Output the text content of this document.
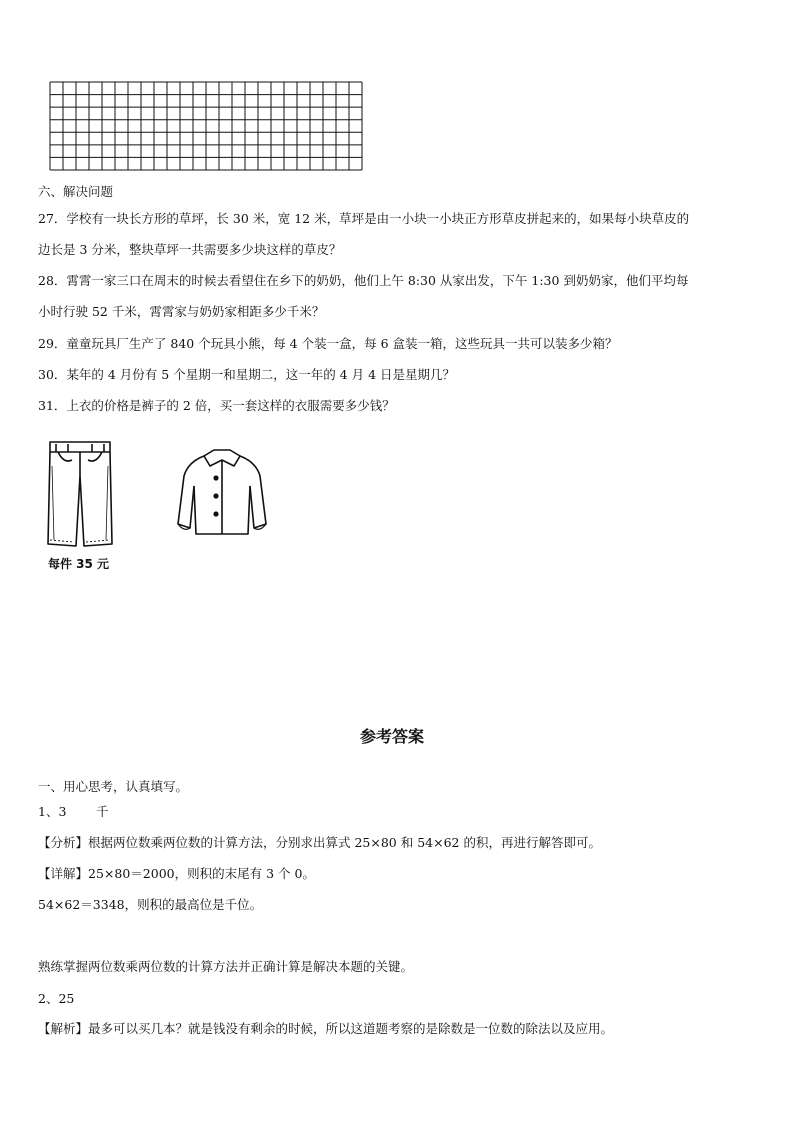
六、解决问题
27．学校有一块长方形的草坪，长 30 米，宽 12 米，草坪是由一小块一小块正方形草皮拼起来的，如果每小块草皮的
边长是 3 分米，整块草坪一共需要多少块这样的草皮？
28．霄霄一家三口在周末的时候去看望住在乡下的奶奶，他们上午 8:30 从家出发，下午 1:30 到奶奶家，他们平均每
小时行驶 52 千米，霄霄家与奶奶家相距多少千米？
29．童童玩具厂生产了 840 个玩具小熊，每 4 个装一盒，每 6 盒装一箱，这些玩具一共可以装多少箱？
30．某年的 4 月份有 5 个星期一和星期二，这一年的 4 月 4 日是星期几？
31．上衣的价格是裤子的 2 倍，买一套这样的衣服需要多少钱？
每件 35 元
参考答案
一、用心思考，认真填写。
1、3 千
【分析】根据两位数乘两位数的计算方法，分别求出算式 25×80 和 54×62 的积，再进行解答即可。
【详解】25×80＝2000，则积的末尾有 3 个 0。
54×62＝3348，则积的最高位是千位。
熟练掌握两位数乘两位数的计算方法并正确计算是解决本题的关键。
2、25
【解析】最多可以买几本？就是钱没有剩余的时候，所以这道题考察的是除数是一位数的除法以及应用。
